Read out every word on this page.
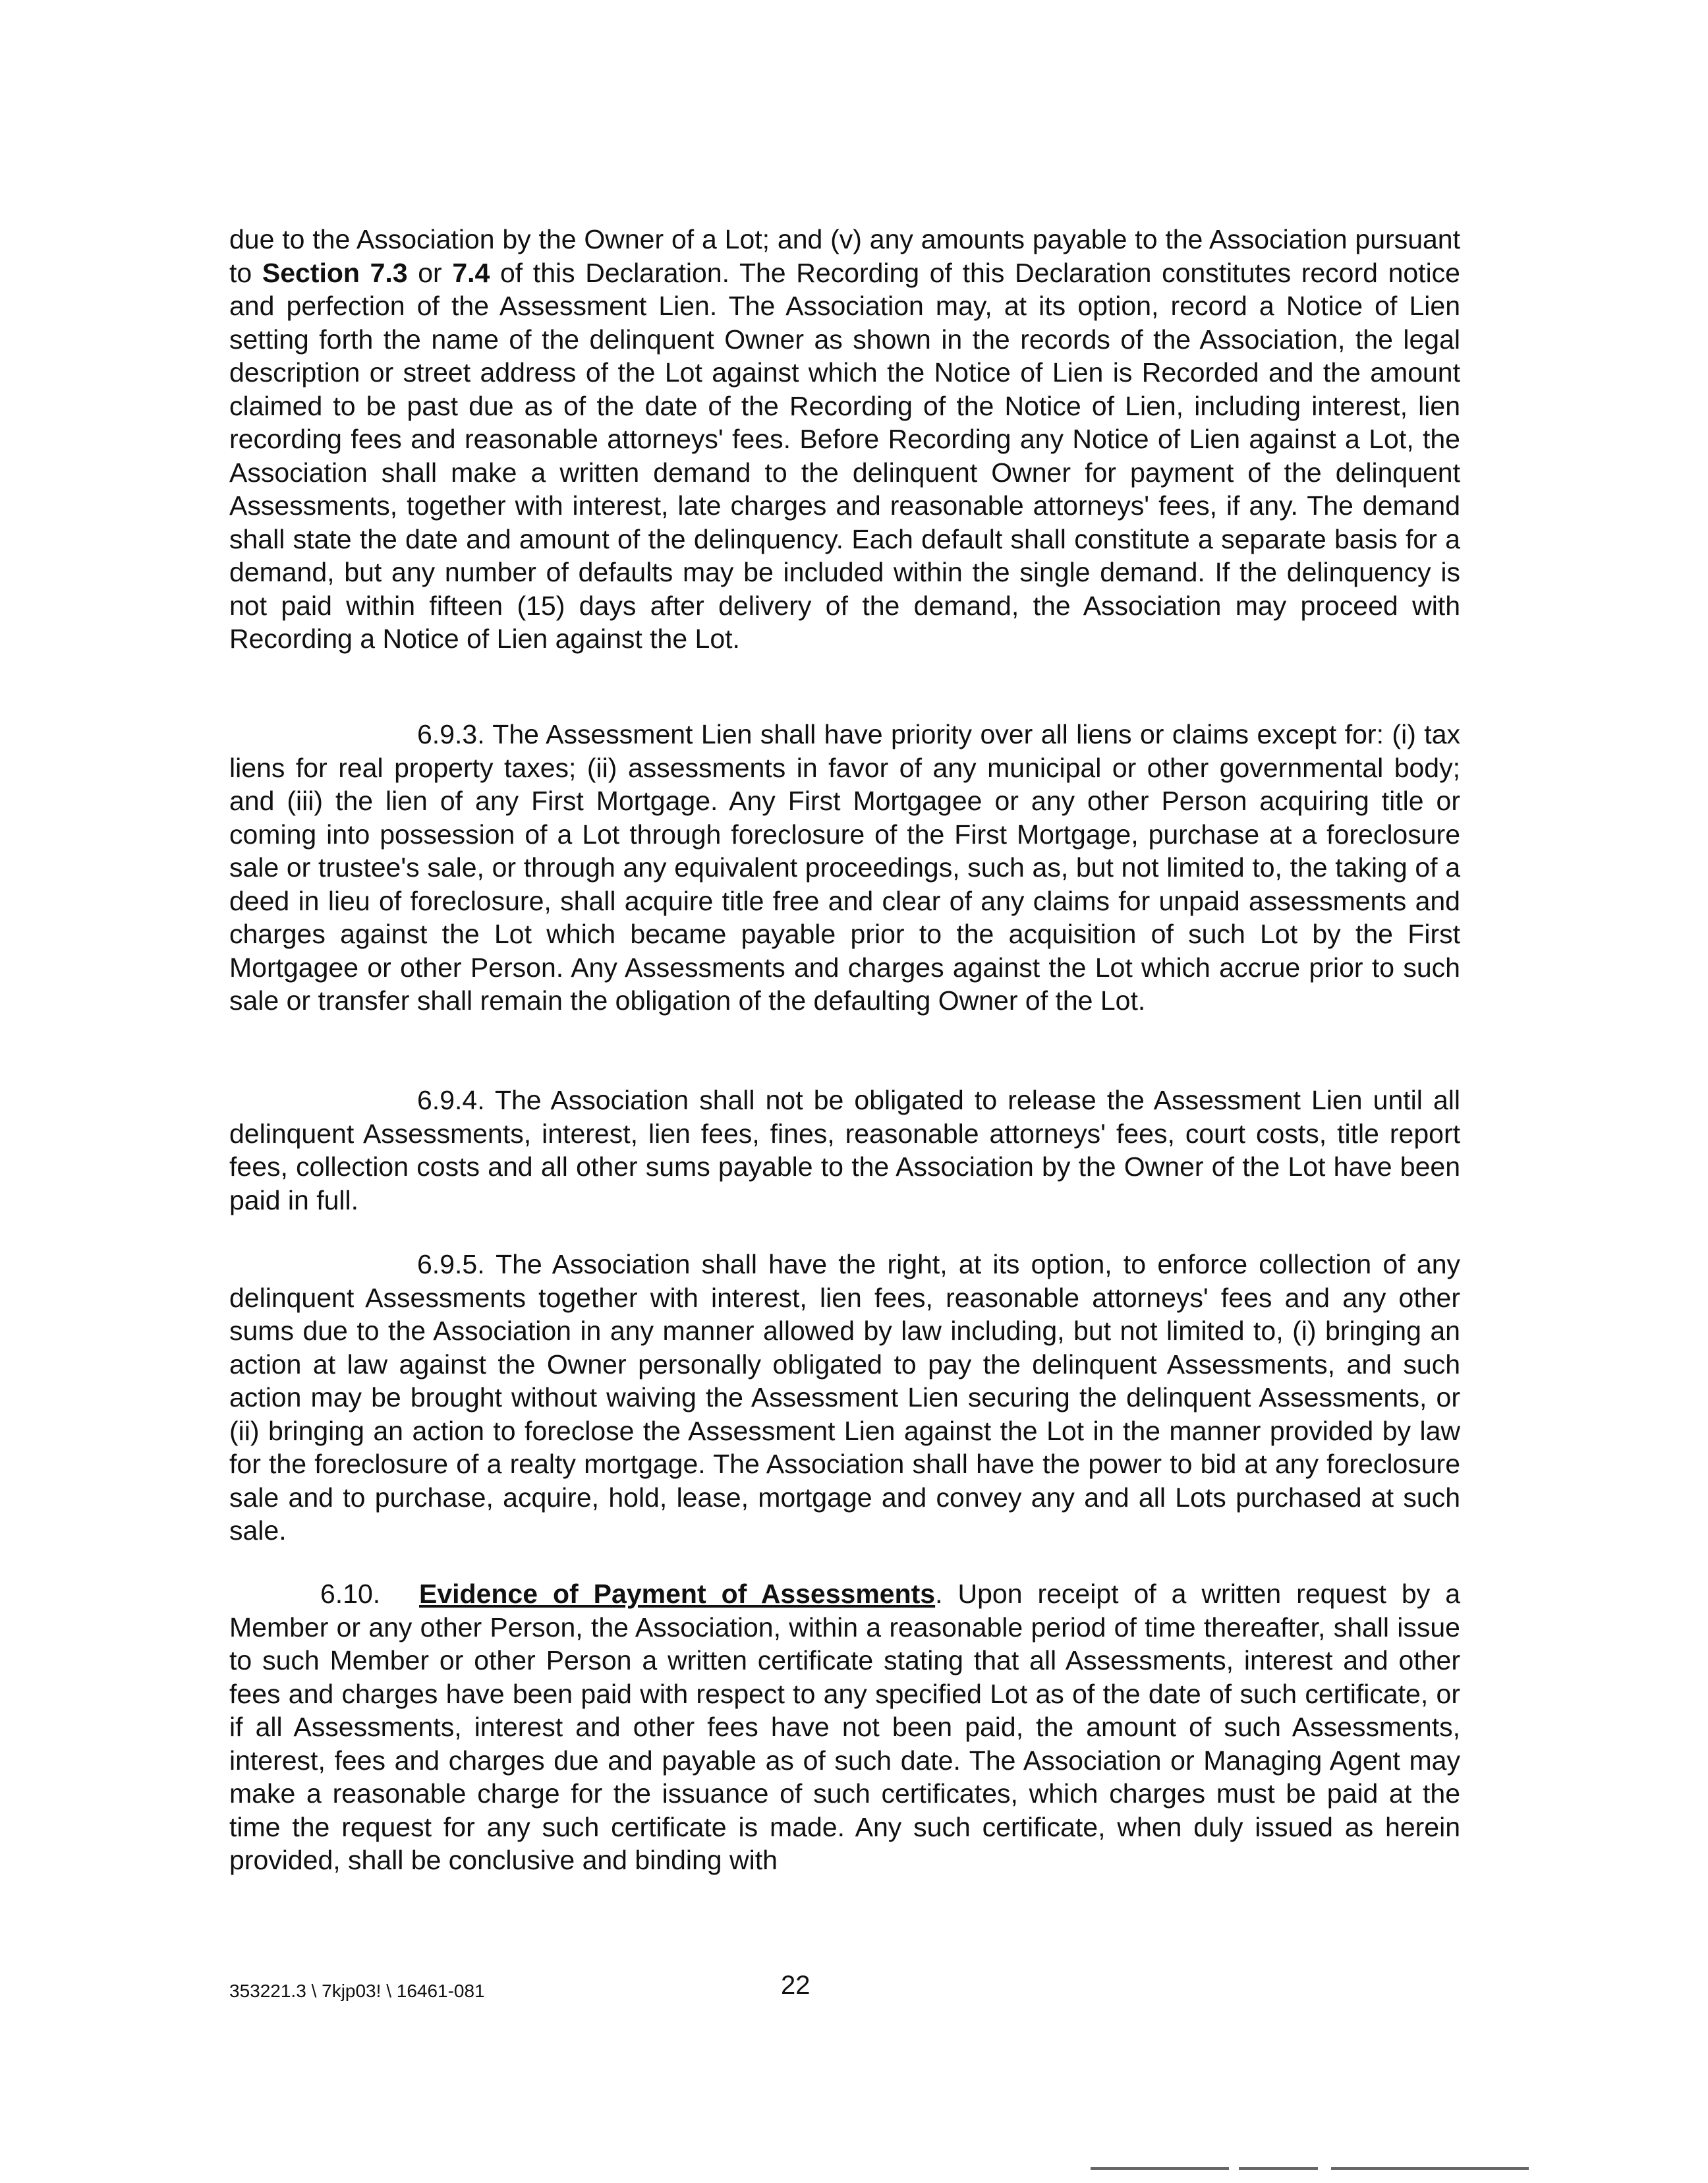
due to the Association by the Owner of a Lot; and (v) any amounts payable to the Association pursuant to Section 7.3 or 7.4 of this Declaration. The Recording of this Declaration constitutes record notice and perfection of the Assessment Lien. The Association may, at its option, record a Notice of Lien setting forth the name of the delinquent Owner as shown in the records of the Association, the legal description or street address of the Lot against which the Notice of Lien is Recorded and the amount claimed to be past due as of the date of the Recording of the Notice of Lien, including interest, lien recording fees and reasonable attorneys' fees. Before Recording any Notice of Lien against a Lot, the Association shall make a written demand to the delinquent Owner for payment of the delinquent Assessments, together with interest, late charges and reasonable attorneys' fees, if any. The demand shall state the date and amount of the delinquency. Each default shall constitute a separate basis for a demand, but any number of defaults may be included within the single demand. If the delinquency is not paid within fifteen (15) days after delivery of the demand, the Association may proceed with Recording a Notice of Lien against the Lot.

6.9.3. The Assessment Lien shall have priority over all liens or claims except for: (i) tax liens for real property taxes; (ii) assessments in favor of any municipal or other governmental body; and (iii) the lien of any First Mortgage. Any First Mortgagee or any other Person acquiring title or coming into possession of a Lot through foreclosure of the First Mortgage, purchase at a foreclosure sale or trustee's sale, or through any equivalent proceedings, such as, but not limited to, the taking of a deed in lieu of foreclosure, shall acquire title free and clear of any claims for unpaid assessments and charges against the Lot which became payable prior to the acquisition of such Lot by the First Mortgagee or other Person. Any Assessments and charges against the Lot which accrue prior to such sale or transfer shall remain the obligation of the defaulting Owner of the Lot.

6.9.4. The Association shall not be obligated to release the Assessment Lien until all delinquent Assessments, interest, lien fees, fines, reasonable attorneys' fees, court costs, title report fees, collection costs and all other sums payable to the Association by the Owner of the Lot have been paid in full.

6.9.5. The Association shall have the right, at its option, to enforce collection of any delinquent Assessments together with interest, lien fees, reasonable attorneys' fees and any other sums due to the Association in any manner allowed by law including, but not limited to, (i) bringing an action at law against the Owner personally obligated to pay the delinquent Assessments, and such action may be brought without waiving the Assessment Lien securing the delinquent Assessments, or (ii) bringing an action to foreclose the Assessment Lien against the Lot in the manner provided by law for the foreclosure of a realty mortgage. The Association shall have the power to bid at any foreclosure sale and to purchase, acquire, hold, lease, mortgage and convey any and all Lots purchased at such sale.

6.10. Evidence of Payment of Assessments. Upon receipt of a written request by a Member or any other Person, the Association, within a reasonable period of time thereafter, shall issue to such Member or other Person a written certificate stating that all Assessments, interest and other fees and charges have been paid with respect to any specified Lot as of the date of such certificate, or if all Assessments, interest and other fees have not been paid, the amount of such Assessments, interest, fees and charges due and payable as of such date. The Association or Managing Agent may make a reasonable charge for the issuance of such certificates, which charges must be paid at the time the request for any such certificate is made. Any such certificate, when duly issued as herein provided, shall be conclusive and binding with

353221.3 \ 7kjp03! \ 16461-081	22
